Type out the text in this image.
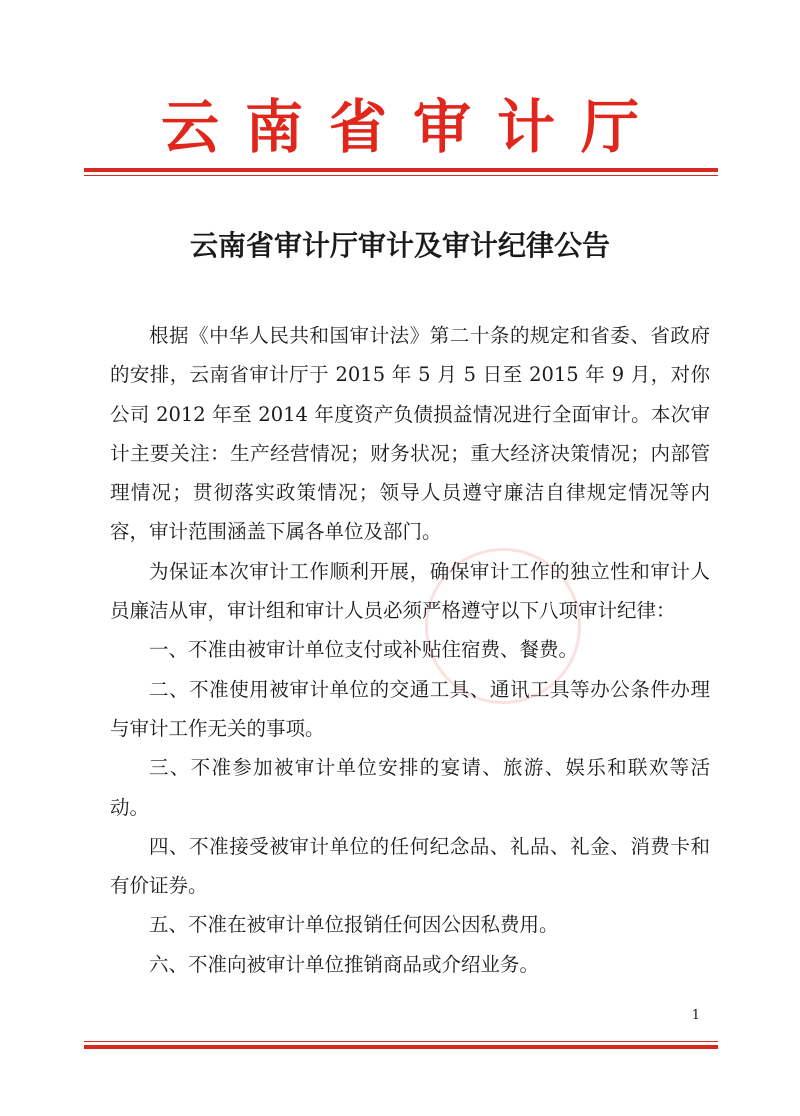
云南省审计厅
云南省审计厅审计及审计纪律公告

根据《中华人民共和国审计法》第二十条的规定和省委、省政府的安排，云南省审计厅于 2015 年 5 月 5 日至 2015 年 9 月，对你公司 2012 年至 2014 年度资产负债损益情况进行全面审计。本次审计主要关注：生产经营情况；财务状况；重大经济决策情况；内部管理情况；贯彻落实政策情况；领导人员遵守廉洁自律规定情况等内容，审计范围涵盖下属各单位及部门。

为保证本次审计工作顺利开展，确保审计工作的独立性和审计人员廉洁从审，审计组和审计人员必须严格遵守以下八项审计纪律：

一、不准由被审计单位支付或补贴住宿费、餐费。

二、不准使用被审计单位的交通工具、通讯工具等办公条件办理与审计工作无关的事项。

三、不准参加被审计单位安排的宴请、旅游、娱乐和联欢等活动。

四、不准接受被审计单位的任何纪念品、礼品、礼金、消费卡和有价证券。

五、不准在被审计单位报销任何因公因私费用。

六、不准向被审计单位推销商品或介绍业务。

1
